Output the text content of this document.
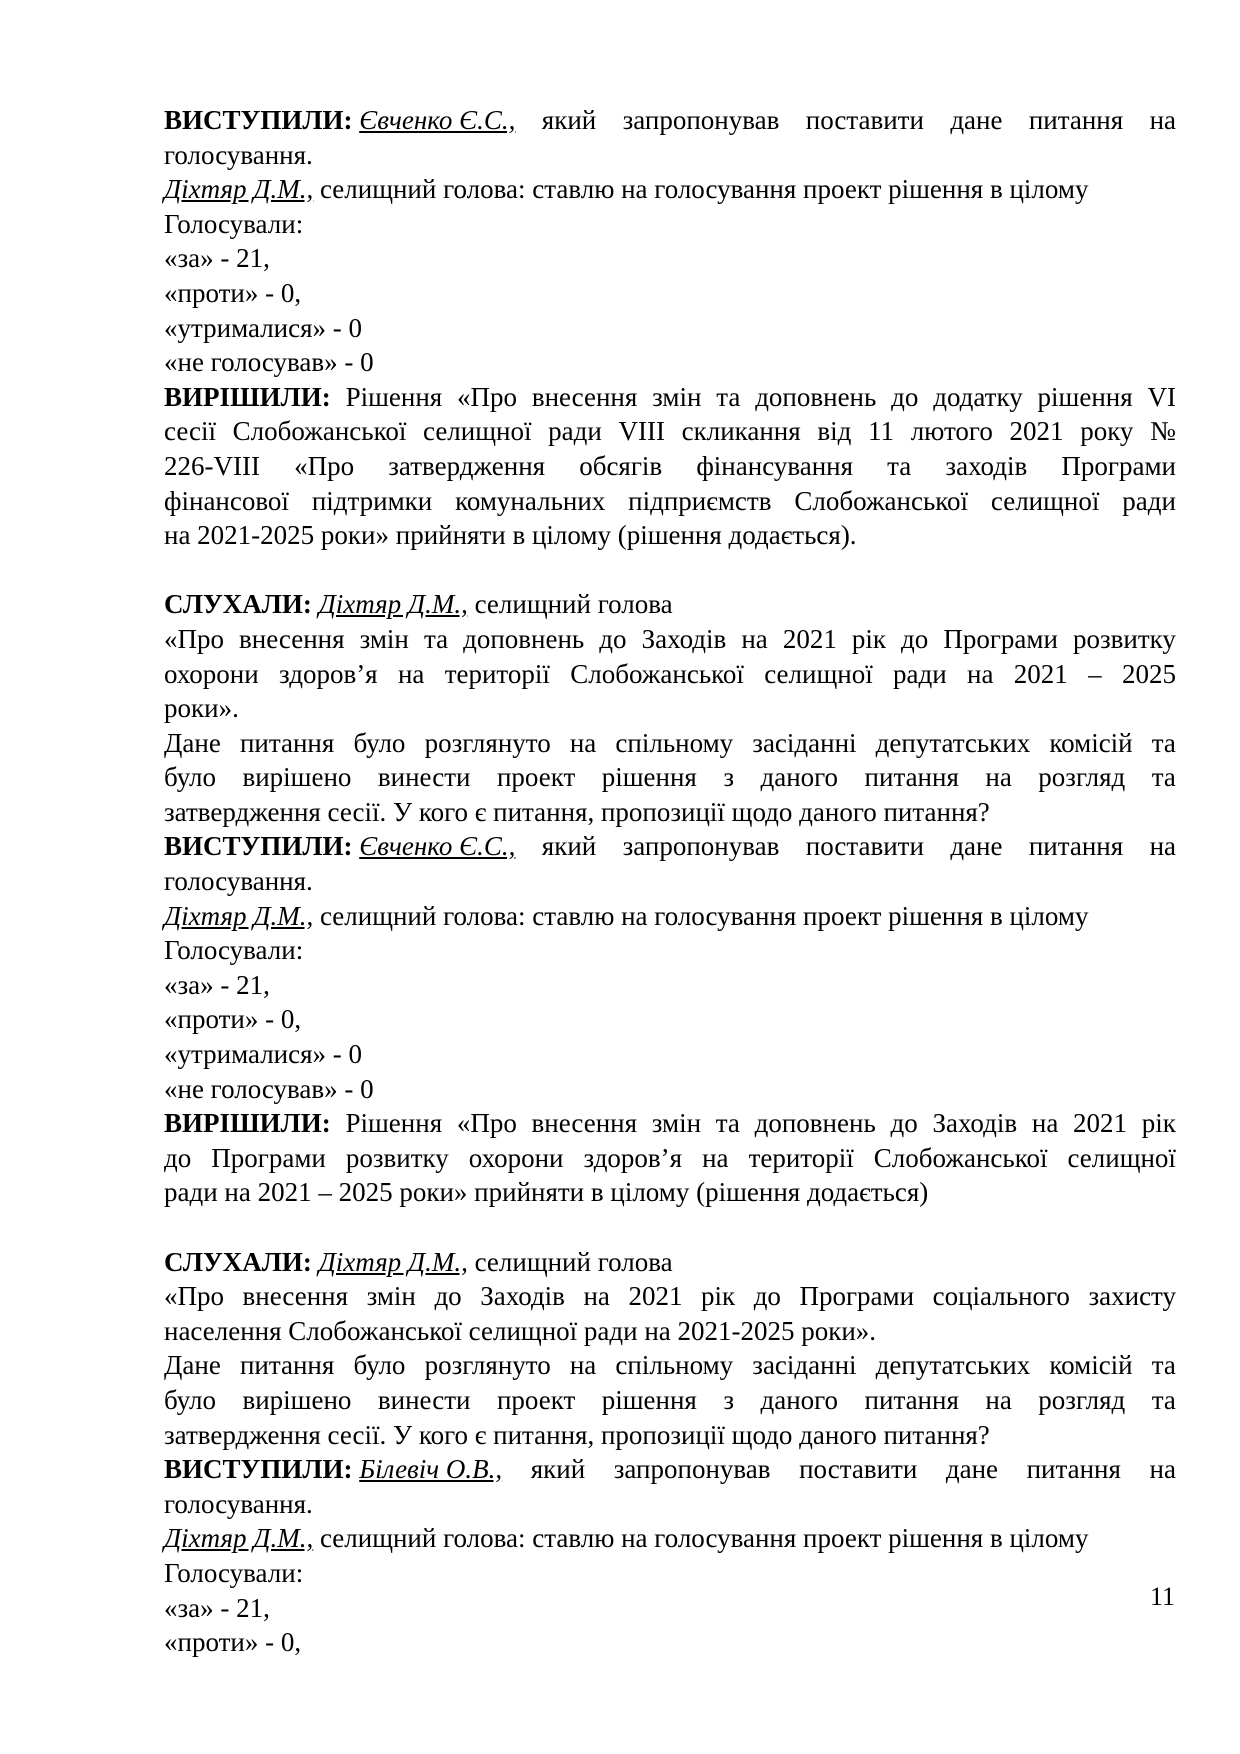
ВИСТУПИЛИ: Євченко Є.С., який запропонував поставити дане питання на
голосування.
Діхтяр Д.М., селищний голова: ставлю на голосування проект рішення в цілому
Голосували:
«за» - 21,
«проти» - 0,
«утрималися» - 0
«не голосував» - 0
ВИРІШИЛИ: Рішення «Про внесення змін та доповнень до додатку рішення VI
сесії Слобожанської селищної ради VIII скликання від 11 лютого 2021 року №
226-VIII «Про затвердження обсягів фінансування та заходів Програми
фінансової підтримки комунальних підприємств Слобожанської селищної ради
на 2021-2025 роки» прийняти в цілому (рішення додається).
СЛУХАЛИ: Діхтяр Д.М., селищний голова
«Про внесення змін та доповнень до Заходів на 2021 рік до Програми розвитку
охорони здоров’я на території Слобожанської селищної ради на 2021 – 2025
роки».
Дане питання було розглянуто на спільному засіданні депутатських комісій та
було вирішено винести проект рішення з даного питання на розгляд та
затвердження сесії. У кого є питання, пропозиції щодо даного питання?
ВИСТУПИЛИ: Євченко Є.С., який запропонував поставити дане питання на
голосування.
Діхтяр Д.М., селищний голова: ставлю на голосування проект рішення в цілому
Голосували:
«за» - 21,
«проти» - 0,
«утрималися» - 0
«не голосував» - 0
ВИРІШИЛИ: Рішення «Про внесення змін та доповнень до Заходів на 2021 рік
до Програми розвитку охорони здоров’я на території Слобожанської селищної
ради на 2021 – 2025 роки» прийняти в цілому (рішення додається)
СЛУХАЛИ: Діхтяр Д.М., селищний голова
«Про внесення змін до Заходів на 2021 рік до Програми соціального захисту
населення Слобожанської селищної ради на 2021-2025 роки».
Дане питання було розглянуто на спільному засіданні депутатських комісій та
було вирішено винести проект рішення з даного питання на розгляд та
затвердження сесії. У кого є питання, пропозиції щодо даного питання?
ВИСТУПИЛИ: Білевіч О.В., який запропонував поставити дане питання на
голосування.
Діхтяр Д.М., селищний голова: ставлю на голосування проект рішення в цілому
Голосували:
«за» - 21,
«проти» - 0,
11
